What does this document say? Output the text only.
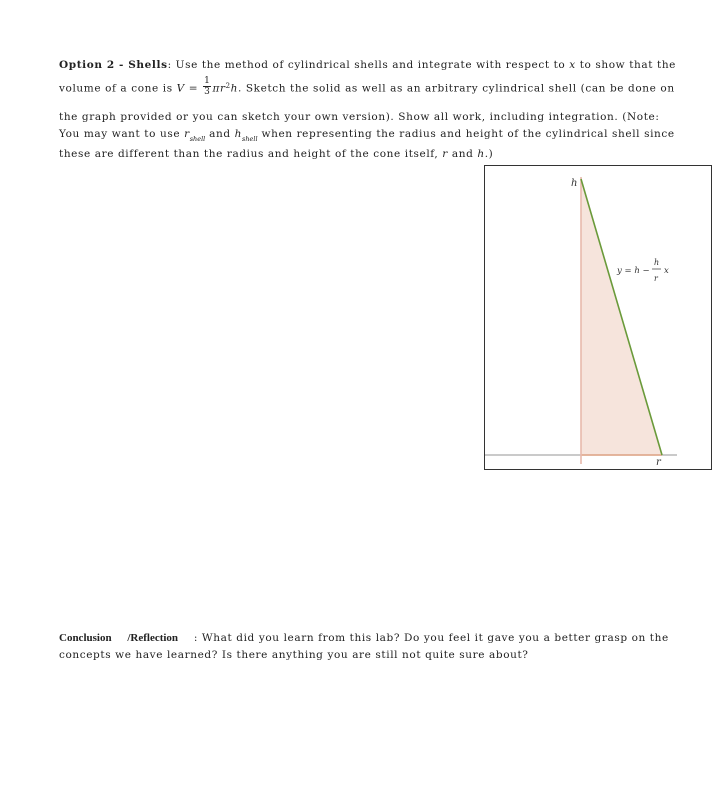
Option 2 - Shells: Use the method of cylindrical shells and integrate with respect to x to show that the
volume of a cone is $V = \frac{1}{3} \pi r^2h$. Sketch the solid as well as an arbitrary cylindrical shell (can be done on
the graph provided or you can sketch your own version). Show all work, including integration. (Note:
You may want to use $r_{shell}$ and $h_{shell}$ when representing the radius and height of the cylindrical shell since
these are different than the radius and height of the cone itself, r and h.)
h
r
y = h −
h
r
x
Conclusion /Reflection : What did you learn from this lab? Do you feel it gave you a better grasp on the
concepts we have learned? Is there anything you are still not quite sure about?
